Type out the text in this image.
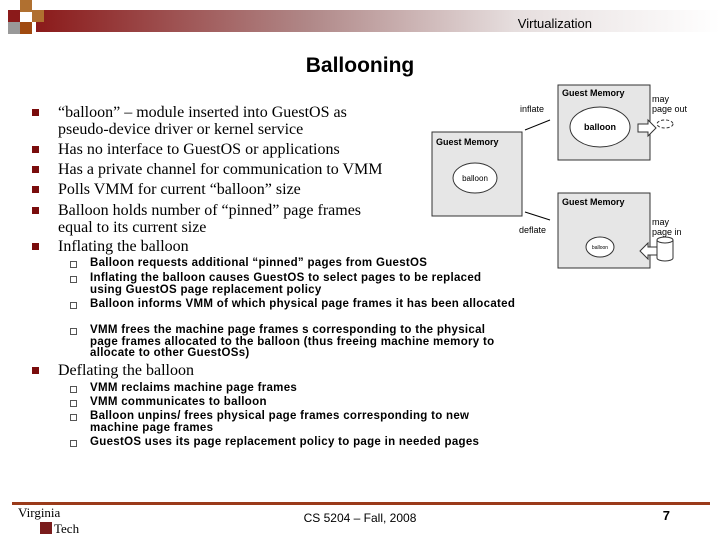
Virtualization
Ballooning
“balloon” – module inserted into GuestOS as pseudo-device driver or kernel service
Has no interface to GuestOS or applications
Has a private channel for communication to VMM
Polls VMM for current “balloon” size
Balloon holds number of “pinned” page frames equal to its current size
Inflating the balloon
Balloon requests additional “pinned” pages from GuestOS
Inflating the balloon causes GuestOS to select pages to be replaced using GuestOS page replacement policy
Balloon informs VMM of which physical page frames it has been allocated
VMM frees the machine page frames s corresponding to the physical page frames allocated to the balloon (thus freeing machine memory to allocate to other GuestOSs)
Deflating the balloon
VMM reclaims machine page frames
VMM communicates to balloon
Balloon unpins/ frees physical page frames corresponding to new machine page frames
GuestOS uses its page replacement policy to page in needed pages
Guest Memory
balloon
Guest Memory
balloon
Guest Memory
balloon
inflate
deflate
may page out
may page in
Virginia
Tech
CS 5204 – Fall, 2008	7
